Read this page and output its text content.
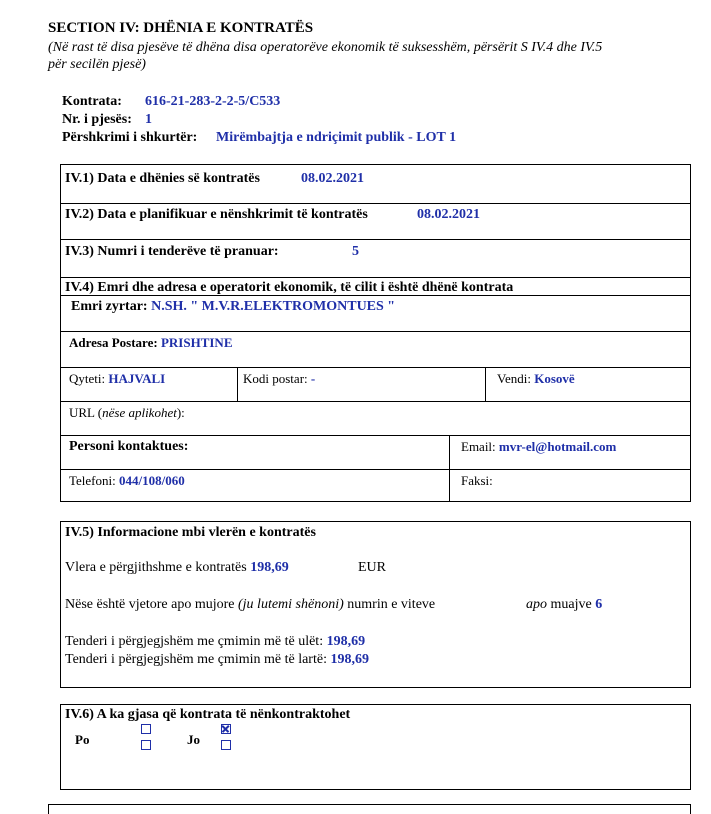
SECTION IV: DHËNIA E KONTRATËS
(Në rast të disa pjesëve të dhëna disa operatorëve ekonomik të suksesshëm, përsërit S IV.4 dhe IV.5
për secilën pjesë)
Kontrata: 616-21-283-2-2-5/C533
Nr. i pjesës: 1
Përshkrimi i shkurtër: Mirëmbajtja e ndriçimit publik - LOT 1
IV.1) Data e dhënies së kontratës	08.02.2021
IV.2) Data e planifikuar e nënshkrimit të kontratës	08.02.2021
IV.3) Numri i tenderëve të pranuar:	5
IV.4) Emri dhe adresa e operatorit ekonomik, të cilit i është dhënë kontrata
Emri zyrtar: N.SH. " M.V.R.ELEKTROMONTUES "
Adresa Postare: PRISHTINE
Qyteti: HAJVALI	Kodi postar: -	Vendi: Kosovë
URL (nëse aplikohet):
Personi kontaktues:	Email: mvr-el@hotmail.com
Telefoni: 044/108/060	Faksi:
IV.5) Informacione mbi vlerën e kontratës
Vlera e përgjithshme e kontratës 198,69	EUR
Nëse është vjetore apo mujore (ju lutemi shënoni) numrin e viteve	apo muajve 6
Tenderi i përgjegjshëm me çmimin më të ulët: 198,69
Tenderi i përgjegjshëm me çmimin më të lartë: 198,69
IV.6) A ka gjasa që kontrata të nënkontraktohet
Po	Jo
